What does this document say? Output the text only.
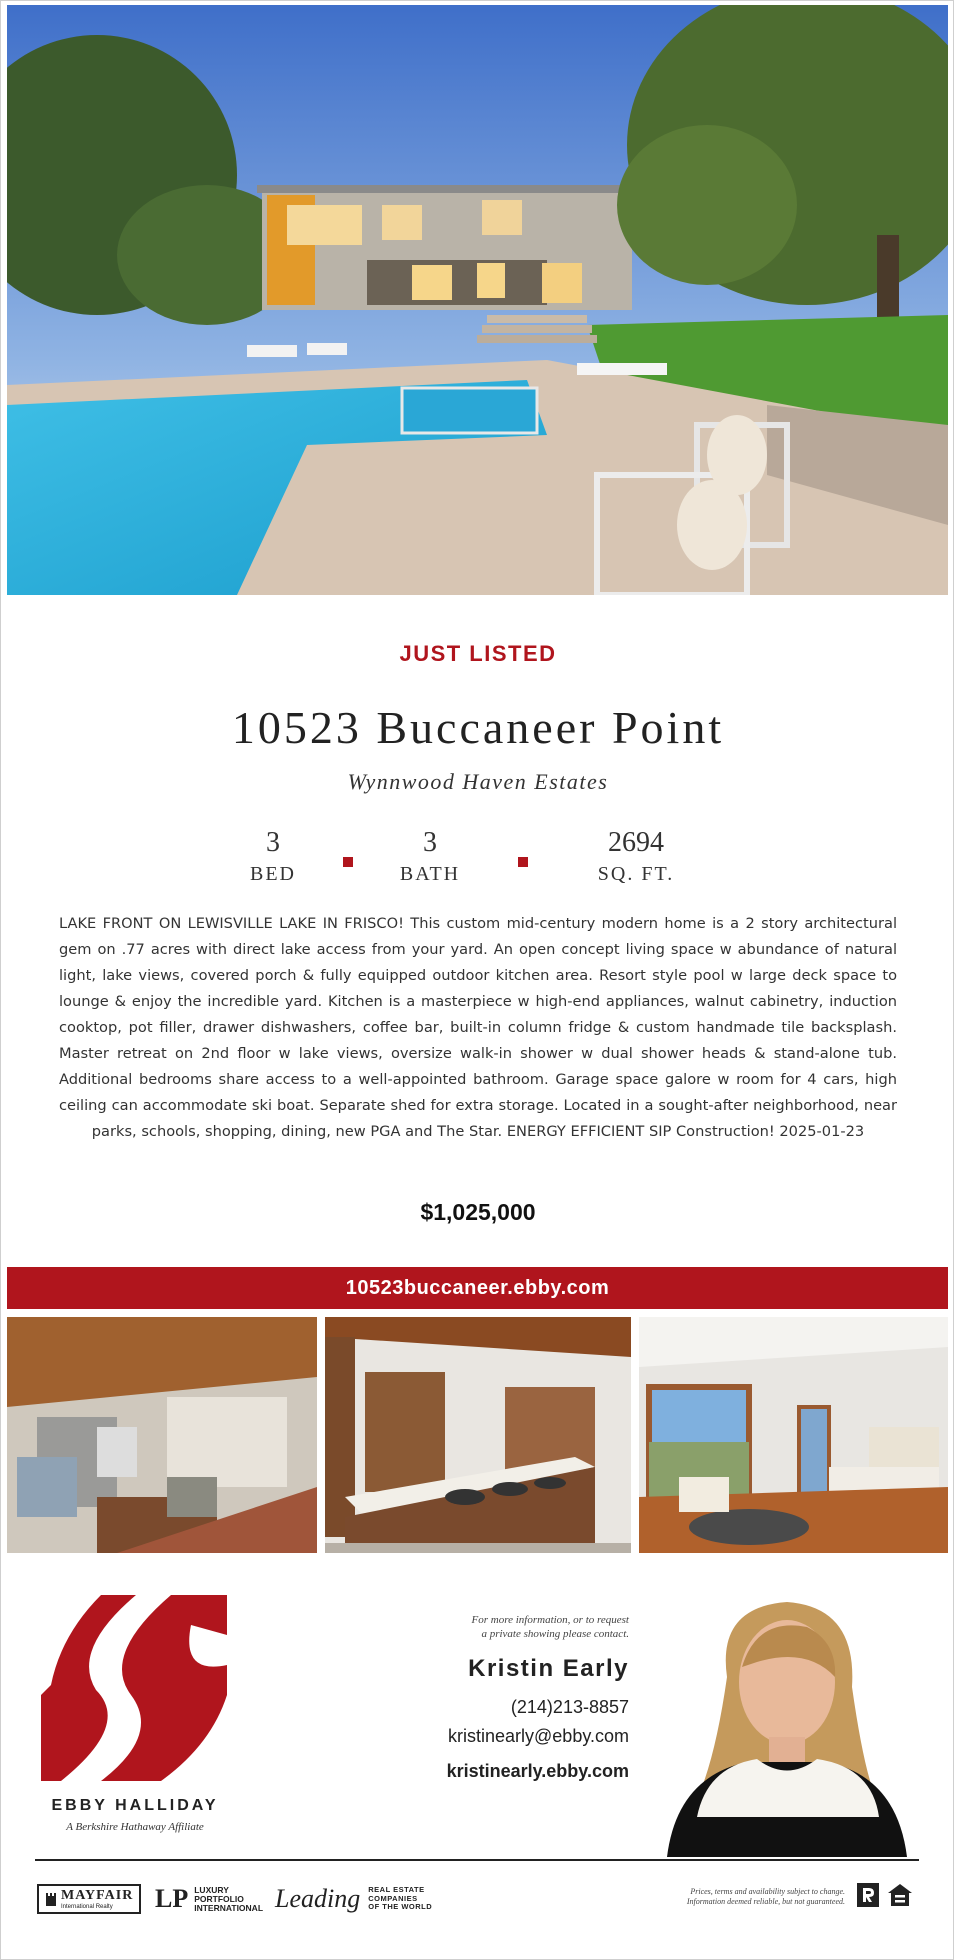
JUST LISTED
10523 Buccaneer Point
Wynnwood Haven Estates
3
BED
3
BATH
2694
SQ. FT.
LAKE FRONT ON LEWISVILLE LAKE IN FRISCO! This custom mid-century modern home is a 2 story architectural gem on .77 acres with direct lake access from your yard. An open concept living space w abundance of natural light, lake views, covered porch & fully equipped outdoor kitchen area. Resort style pool w large deck space to lounge & enjoy the incredible yard. Kitchen is a masterpiece w high-end appliances, walnut cabinetry, induction cooktop, pot filler, drawer dishwashers, coffee bar, built-in column fridge & custom handmade tile backsplash. Master retreat on 2nd floor w lake views, oversize walk-in shower w dual shower heads & stand-alone tub. Additional bedrooms share access to a well-appointed bathroom. Garage space galore w room for 4 cars, high ceiling can accommodate ski boat. Separate shed for extra storage. Located in a sought-after neighborhood, near parks, schools, shopping, dining, new PGA and The Star. ENERGY EFFICIENT SIP Construction! 2025-01-23
$1,025,000
10523buccaneer.ebby.com
EBBY HALLIDAY
A Berkshire Hathaway Affiliate
For more information, or to request
a private showing please contact.
Kristin Early
(214)213-8857
kristinearly@ebby.com
kristinearly.ebby.com
MAYFAIR
International Realty	LP LUXURY
PORTFOLIO
INTERNATIONAL Leading REAL ESTATE
COMPANIES
OF THE WORLD
Prices, terms and availability subject to change.
Information deemed reliable, but not guaranteed.
